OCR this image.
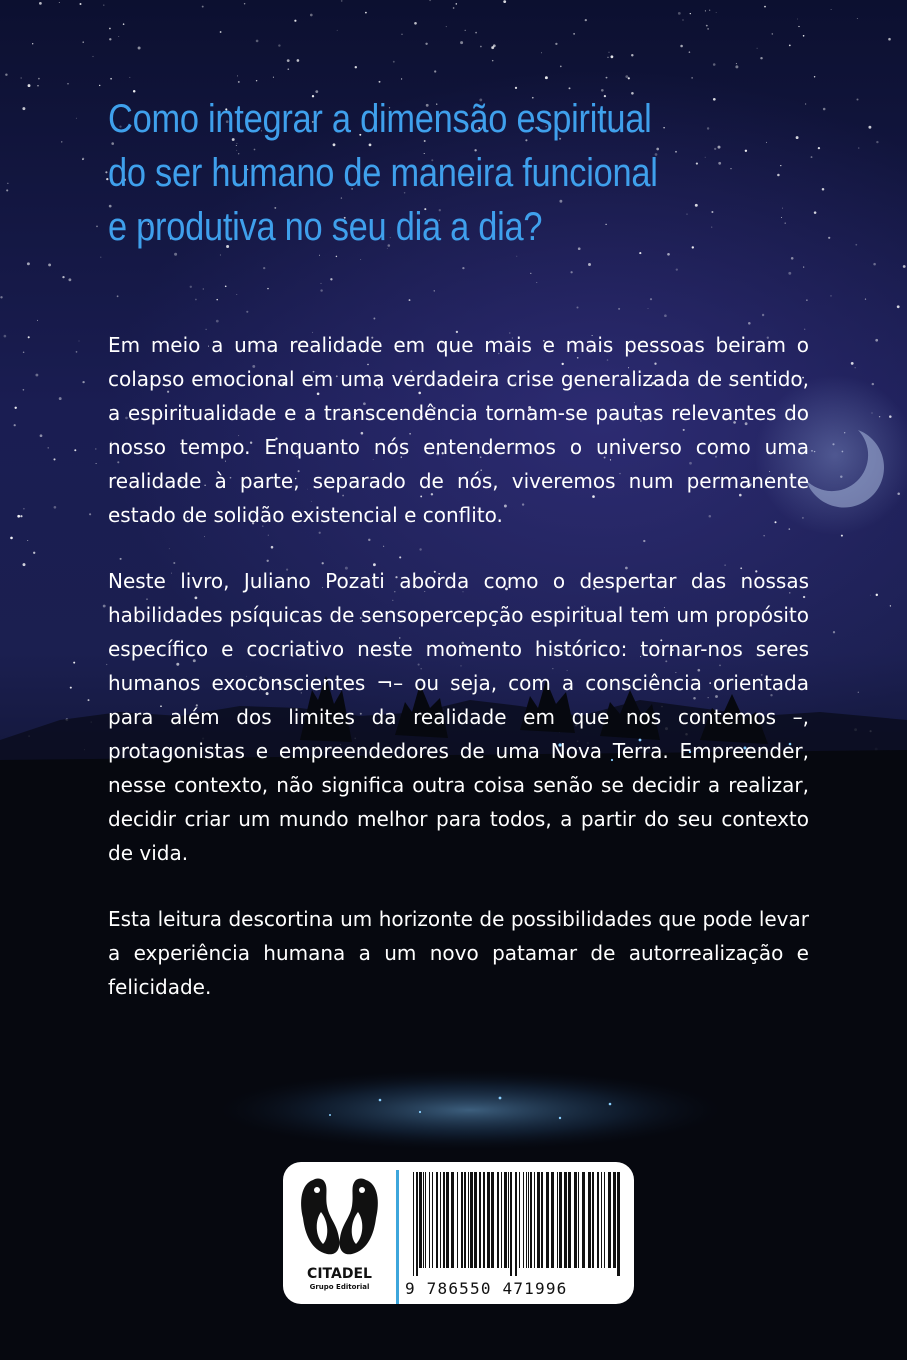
Como integrar a dimensão espiritual
do ser humano de maneira funcional
e produtiva no seu dia a dia?

Em meio a uma realidade em que mais e mais pessoas beiram o colapso emocional em uma verdadeira crise generalizada de sentido, a espiritualidade e a transcendência tornam-se pautas relevantes do nosso tempo. Enquanto nós entendermos o universo como uma realidade à parte, separado de nós, viveremos num permanente estado de solidão existencial e conflito.

Neste livro, Juliano Pozati aborda como o despertar das nossas habilidades psíquicas de sensopercepção espiritual tem um propósito específico e cocriativo neste momento histórico: tornar-nos seres humanos exoconscientes ¬– ou seja, com a consciência orientada para além dos limites da realidade em que nos contemos –, protagonistas e empreendedores de uma Nova Terra. Empreender, nesse contexto, não significa outra coisa senão se decidir a realizar, decidir criar um mundo melhor para todos, a partir do seu contexto de vida.

Esta leitura descortina um horizonte de possibilidades que pode levar a experiência humana a um novo patamar de autorrealização e felicidade.

CITADEL
Grupo Editorial	9 786550 471996
